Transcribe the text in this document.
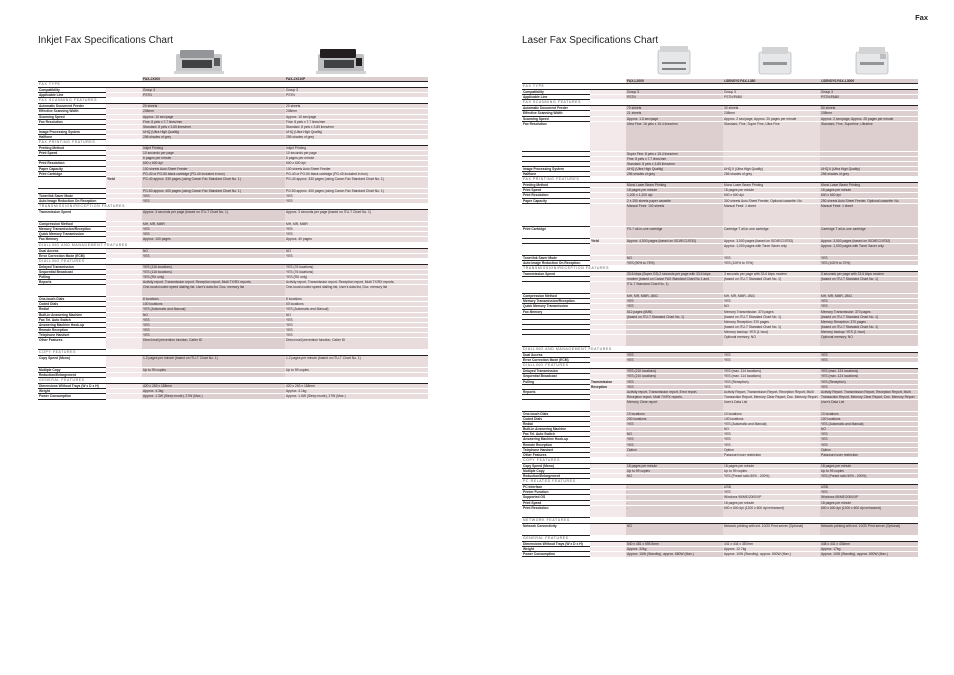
Fax
Inkjet Fax Specifications Chart
		FAX-JX200	FAX-JX210P
FAX TYPE			
Compatibility		Group 3	Group 3
Applicable Line		PSTN	PSTN
FAX SCANNING FEATURES			
Automatic Document Feeder		20 sheets	20 sheets
Effective Scanning Width		208mm	208mm
Scanning Speed		Approx. 10 sec/page	Approx. 10 sec/page
Fax Resolution		Fine: 8 pels x 7.7 lines/mm	Fine: 8 pels x 7.7 lines/mm
		Standard: 8 pels x 3.85 lines/mm	Standard: 8 pels x 3.85 lines/mm
Image Processing System		UHQ (Ultra High Quality)	UHQ (Ultra High Quality)
Halftone		256 shades of grey	256 shades of grey
FAX PRINTING FEATURES			
Printing Method		Inkjet Printing	Inkjet Printing
Print Speed		10 seconds per page	10 seconds per page
		6 pages per minute	6 pages per minute
Print Resolution		600 x 600 dpi	600 x 600 dpi
Paper Capacity		100 sheets Auto Sheet Feeder	100 sheets Auto Sheet Feeder
Print Cartridge		PG-40 or PG-50 black cartridge (PG-40 included in box)	PG-40 or PG-50 black cartridge (PG-40 included in box)
	Yield	PG-40 approx. 330 pages (using Canon Fax Standard Chart No. 1)	PG-40 approx. 330 pages (using Canon Fax Standard Chart No. 1)
		PG-50 approx. 400 pages (using Canon Fax Standard Chart No. 1)	PG-50 approx. 400 pages (using Canon Fax Standard Chart No. 1)
Toner/Ink Saver Mode		YES	YES
Auto Image Reduction On Reception		YES	YES
TRANSMISSION/RECEPTION FEATURES			
Transmission Speed		Approx. 3 seconds per page (based on ITU-T Chart No. 1)	Approx. 3 seconds per page (based on ITU-T Chart No. 1)
Compression Method		MH, MR, MMR	MH, MR, MMR
Memory Transmission/Reception		YES	YES
Quick Memory Transmission		YES	YES
Fax Memory		Approx. 100 pages	Approx. 40 pages
DIALLING AND MANAGEMENT FEATURES			
Dual Access		NO	NO
Error Correction Mode (ECM)		YES	YES
DIALLING FEATURES			
Delayed Transmission		YES (116 locations)	YES (76 locations)
Sequential Broadcast		YES (116 locations)	YES (76 locations)
Polling		YES (RX only)	YES (RX only)
Reports		Activity report, Transmission report, Reception report, Multi TX/RX reports,	Activity report, Transmission report, Reception report, Multi TX/RX reports,
		One-touch/coded speed dialling list, User's data list, Doc. memory list	One-touch/coded speed dialling list, User's data list, Doc. memory list
One-touch Dials		8 locations	8 locations
Coded Dials		100 locations	60 locations
Redial		YES (Automatic and Manual)	YES (Automatic and Manual)
Built-in Answering Machine		NO	NO
Fax Tel. Auto Switch		YES	YES
Answering Machine Hook-up		YES	YES
Remote Reception		YES	YES
Telephone Handset		YES	YES
Other Features		Direct mail prevention function, Caller ID	Direct mail prevention function, Caller ID
COPY FEATURES			
Copy Speed (Mono)		1.2 pages per minute (based on ITU-T Chart No. 1)	1.2 pages per minute (based on ITU-T Chart No. 1)
Multiple Copy		Up to 99 copies	Up to 99 copies
Reduction/Enlargement			
GENERAL FEATURES			
Dimensions Without Trays (W x D x H)		420 x 263 x 188mm	420 x 263 x 188mm
Weight		Approx. 4.3kg	Approx. 4.1kg
Power Consumption		Approx. 1.3W (Sleep mode), 27W (Max.)	Approx. 1.5W (Sleep mode), 27W (Max.)
Laser Fax Specifications Chart
		FAX-L2000	i-SENSYS FAX-L380	i-SENSYS FAX-L3000
FAX TYPE				
Compatibility		Group 3	Group 3	Group 3
Applicable Line		PSTN	PSTN/PABX	PSTN/PABX
FAX SCANNING FEATURES				
Automatic Document Feeder		70 sheets	30 sheets	50 sheets
Effective Scanning Width		21 sheets	208mm	208mm
Scanning Speed		Approx. 1.5 sec/page	Approx. 2 sec/page, Approx. 20 pages per minute	Approx. 2 sec/page, Approx. 25 pages per minute
Fax Resolution		Ultra Fine: 16 pels x 15.4 lines/mm	Standard, Fine, Super Fine, Ultra Fine	Standard, Fine, Superfine, Ultrafine
		Super Fine: 8 pels x 15.4 lines/mm		
		Fine: 8 pels x 7.7 lines/mm		
		Standard: 8 pels x 3.85 lines/mm		
Image Processing System		UHQ (Ultra High Quality)	UHQ II (Ultra High Quality)	UHQ II (Ultra High Quality)
Halftone		256 shades of grey	256 shades of grey	256 shades of grey
FAX PRINTING FEATURES				
Printing Method		Mono Laser Beam Printing	Mono Laser Beam Printing	Mono Laser Beam Printing
Print Speed		18 pages per minute	18 pages per minute	18 pages per minute
Print Resolution		1,200 x 1,200 dpi	600 x 600 dpi	600 x 600 dpi
Paper Capacity		2 x 250 sheets paper cassette	300 sheets Auto Sheet Feeder, Optional cassette: No	250 sheets Auto Sheet Feeder, Optional cassette: No
		Manual Feed: 100 sheets	Manual Feed: 1 sheet	Manual Feed: 1 sheet
Print Cartridge		FX-7 all-in-one cartridge	Cartridge T all-in-one cartridge	Cartridge T all-in-one cartridge
	Yield	Approx. 4,500 pages (based on ISO/IEC19752)	Approx. 3,500 pages (based on ISO/IEC19752)	Approx. 3,500 pages (based on ISO/IEC19752)
			Approx. 1,000 pages with Toner Saver only	Approx. 1,000 pages with Toner Saver only
Toner/Ink Saver Mode		NO	YES	YES
Auto Image Reduction On Reception		YES (90% to 75%)	YES (100% to 70%)	YES (100% to 70%)
TRANSMISSION/RECEPTION FEATURES				
Transmission Speed		33.6 kbps (Super G3) 2 seconds per page with 33.6 kbps	3 seconds per page with 33.6 kbps modem	3 seconds per page with 33.6 kbps modem
		modem (based on Canon FAX Standard Chart No 1 and	(based on ITU-T Standard Chart No. 1)	(based on ITU-T Standard Chart No. 1)
		ITU-T Standard Chart No. 1)		
Compression Method		MH, MR, MMR, JBIG	MH, MR, MMR, JBIG	MH, MR, MMR, JBIG
Memory Transmission/Reception		YES	YES	YES
Quick Memory Transmission		YES	NO	YES
Fax Memory		512 pages (6MB)	Memory Transmission: 370 pages	Memory Transmission: 370 pages
		(based on ITU-T Standard Chart No. 1)	(based on ITU-T Standard Chart No. 1)	(based on ITU-T Standard Chart No. 1)
			Memory Reception: 370 pages	Memory Reception: 370 pages
			(based on ITU-T Standard Chart No. 1)	(based on ITU-T Standard Chart No. 1)
			Memory backup: YES (1 hour)	Memory backup: YES (1 hour)
			Optional memory: NO	Optional memory: NO
DIALLING AND MANAGEMENT FEATURES				
Dual Access		YES	YES	YES
Error Correction Mode (ECM)		YES	YES	YES
DIALLING FEATURES				
Delayed Transmission		YES (210 locations)	YES (max. 114 locations)	YES (max. 124 locations)
Sequential Broadcast		YES (210 locations)	YES (max. 114 locations)	YES (max. 124 locations)
Polling	Transmission	YES	YES (Reception)	YES (Reception)
	Reception	YES	YES	YES
Reports		Activity report, Transmission report, Error report,	Activity Report, Transmission Report, Reception Report, Multi	Activity Report, Transmission Report, Reception Report, Multi
		Reception report, Multi TX/RX reports,	Transaction Report, Memory Clear Report, Doc. Memory Report	Transaction Report, Memory Clear Report, Doc. Memory Report
		Memory Clear report	User's Data List	User's Data List
One-touch Dials		10 locations	10 locations	10 locations
Coded Dials		200 locations	100 locations	100 locations
Redial		YES	YES (Automatic and Manual)	YES (Automatic and Manual)
Built-in Answering Machine		-	NO	NO
Fax Tel. Auto Switch		NO	YES	YES
Answering Machine Hook-up		YES	YES	YES
Remote Reception		YES	YES	YES
Telephone Handset		Option	Option	Option
Other Features		-	Password user restriction	Password user restriction
COPY FEATURES				
Copy Speed (Mono)		16 pages per minute	18 pages per minute	18 pages per minute
Multiple Copy		Up to 99 copies	Up to 99 copies	Up to 99 copies
Reduction/Enlargement		NO	YES (Preset ratio 50% - 200%)	YES (Preset ratio 50% - 200%)
PC RELATED FEATURES				
PC Interface		-	USB	USB
Printer Function		-	YES	YES
Supported OS		-	Windows 98/ME/2000/XP	Windows 98/ME/2000/XP
Print Speed		-	18 pages per minute	18 pages per minute
Print Resolution		-	600 x 600 dpi (1200 x 600 dpi enhanced)	600 x 600 dpi (1200 x 600 dpi enhanced)
NETWORK FEATURES				
Network Connectivity		NO	Network printing with ext. 10/20 Print server (Optional)	Network printing with ext. 10/20 Print server (Optional)
GENERAL FEATURES				
Dimensions Without Trays (W x D x H)		540 x 481 x 595.5mm	441 x 444 x 387mm	448 x 441 x 436mm
Weight		Approx. 32kg	Approx. 12.7kg	Approx. 17kg
Power Consumption		Approx. 15W (Standby), approx. 880W (Max.)	Approx. 10W (Standby), approx. 800W (Max.)	Approx. 10W (Standby), approx. 800W (Max.)
